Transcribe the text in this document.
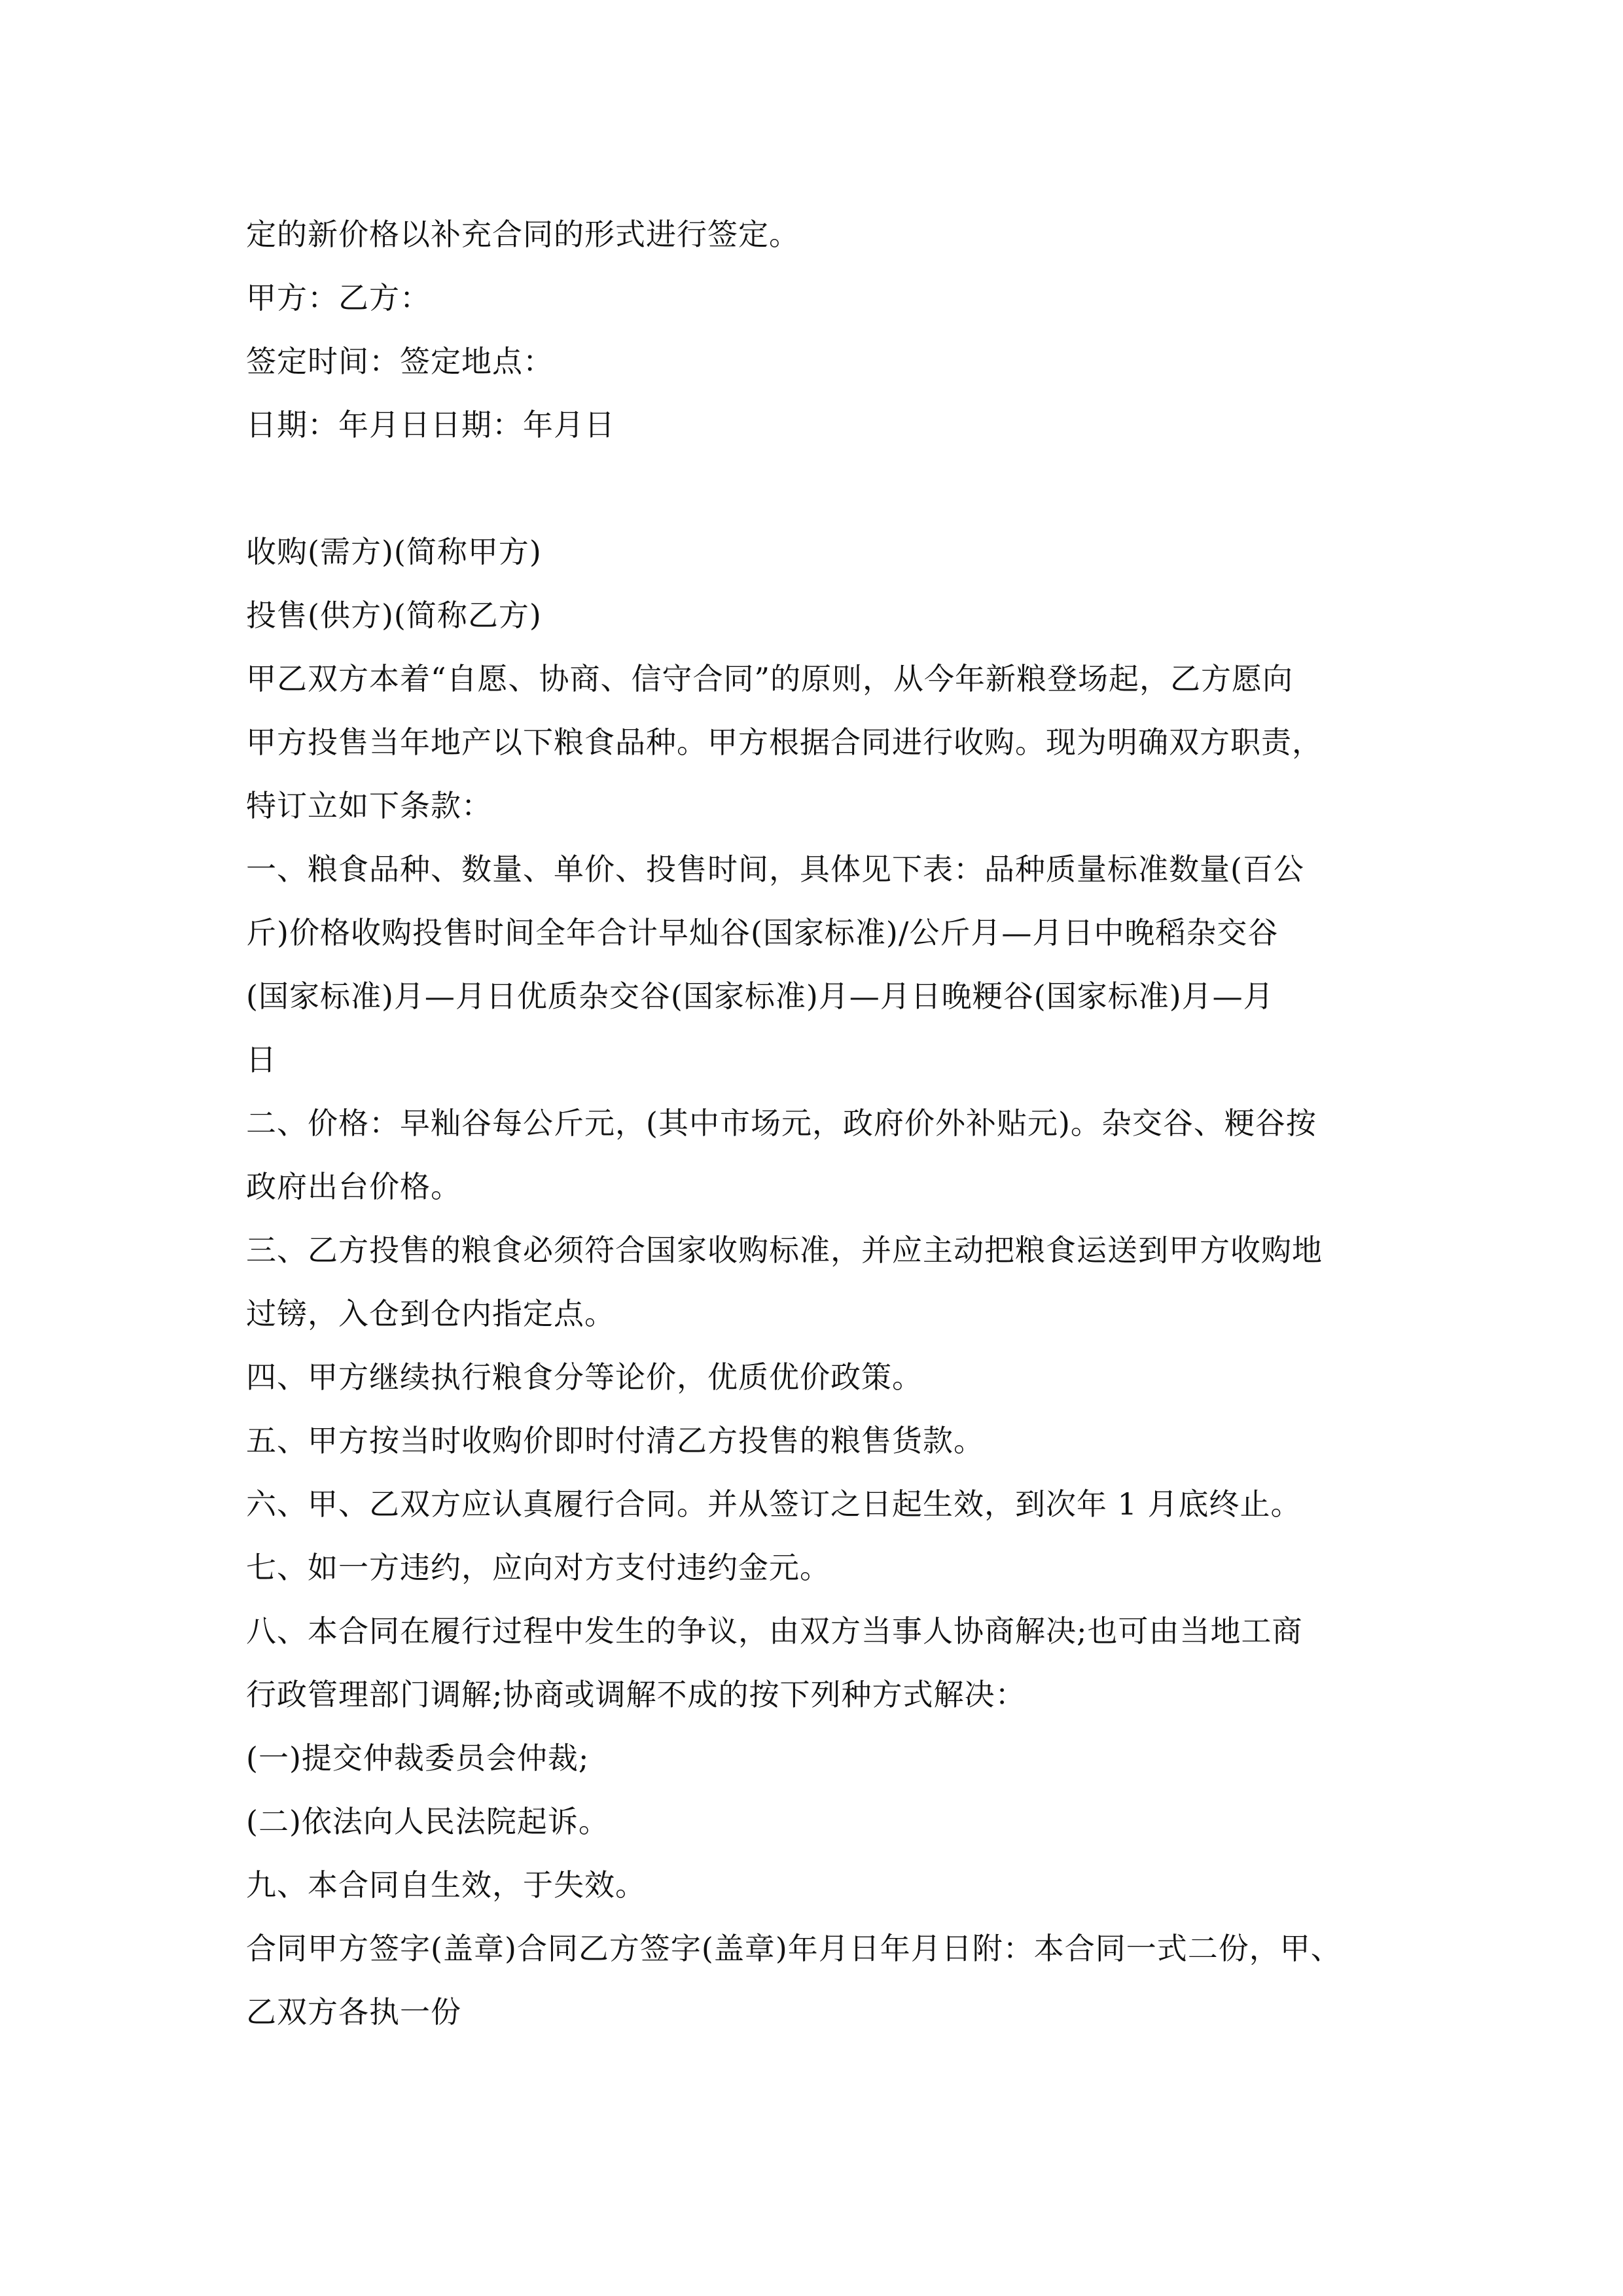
定的新价格以补充合同的形式进行签定。
甲方：乙方：
签定时间：签定地点：
日期：年月日日期：年月日
收购(需方)(简称甲方)
投售(供方)(简称乙方)
甲乙双方本着“自愿、协商、信守合同”的原则，从今年新粮登场起，乙方愿向
甲方投售当年地产以下粮食品种。甲方根据合同进行收购。现为明确双方职责，
特订立如下条款：
一、粮食品种、数量、单价、投售时间，具体见下表：品种质量标准数量(百公
斤)价格收购投售时间全年合计早灿谷(国家标准)/公斤月—月日中晚稻杂交谷
(国家标准)月—月日优质杂交谷(国家标准)月—月日晚粳谷(国家标准)月—月
日
二、价格：早籼谷每公斤元，(其中市场元，政府价外补贴元)。杂交谷、粳谷按
政府出台价格。
三、乙方投售的粮食必须符合国家收购标准，并应主动把粮食运送到甲方收购地
过镑，入仓到仓内指定点。
四、甲方继续执行粮食分等论价，优质优价政策。
五、甲方按当时收购价即时付清乙方投售的粮售货款。
六、甲、乙双方应认真履行合同。并从签订之日起生效，到次年 1 月底终止。
七、如一方违约，应向对方支付违约金元。
八、本合同在履行过程中发生的争议，由双方当事人协商解决;也可由当地工商
行政管理部门调解;协商或调解不成的按下列种方式解决：
(一)提交仲裁委员会仲裁;
(二)依法向人民法院起诉。
九、本合同自生效，于失效。
合同甲方签字(盖章)合同乙方签字(盖章)年月日年月日附：本合同一式二份，甲、
乙双方各执一份
